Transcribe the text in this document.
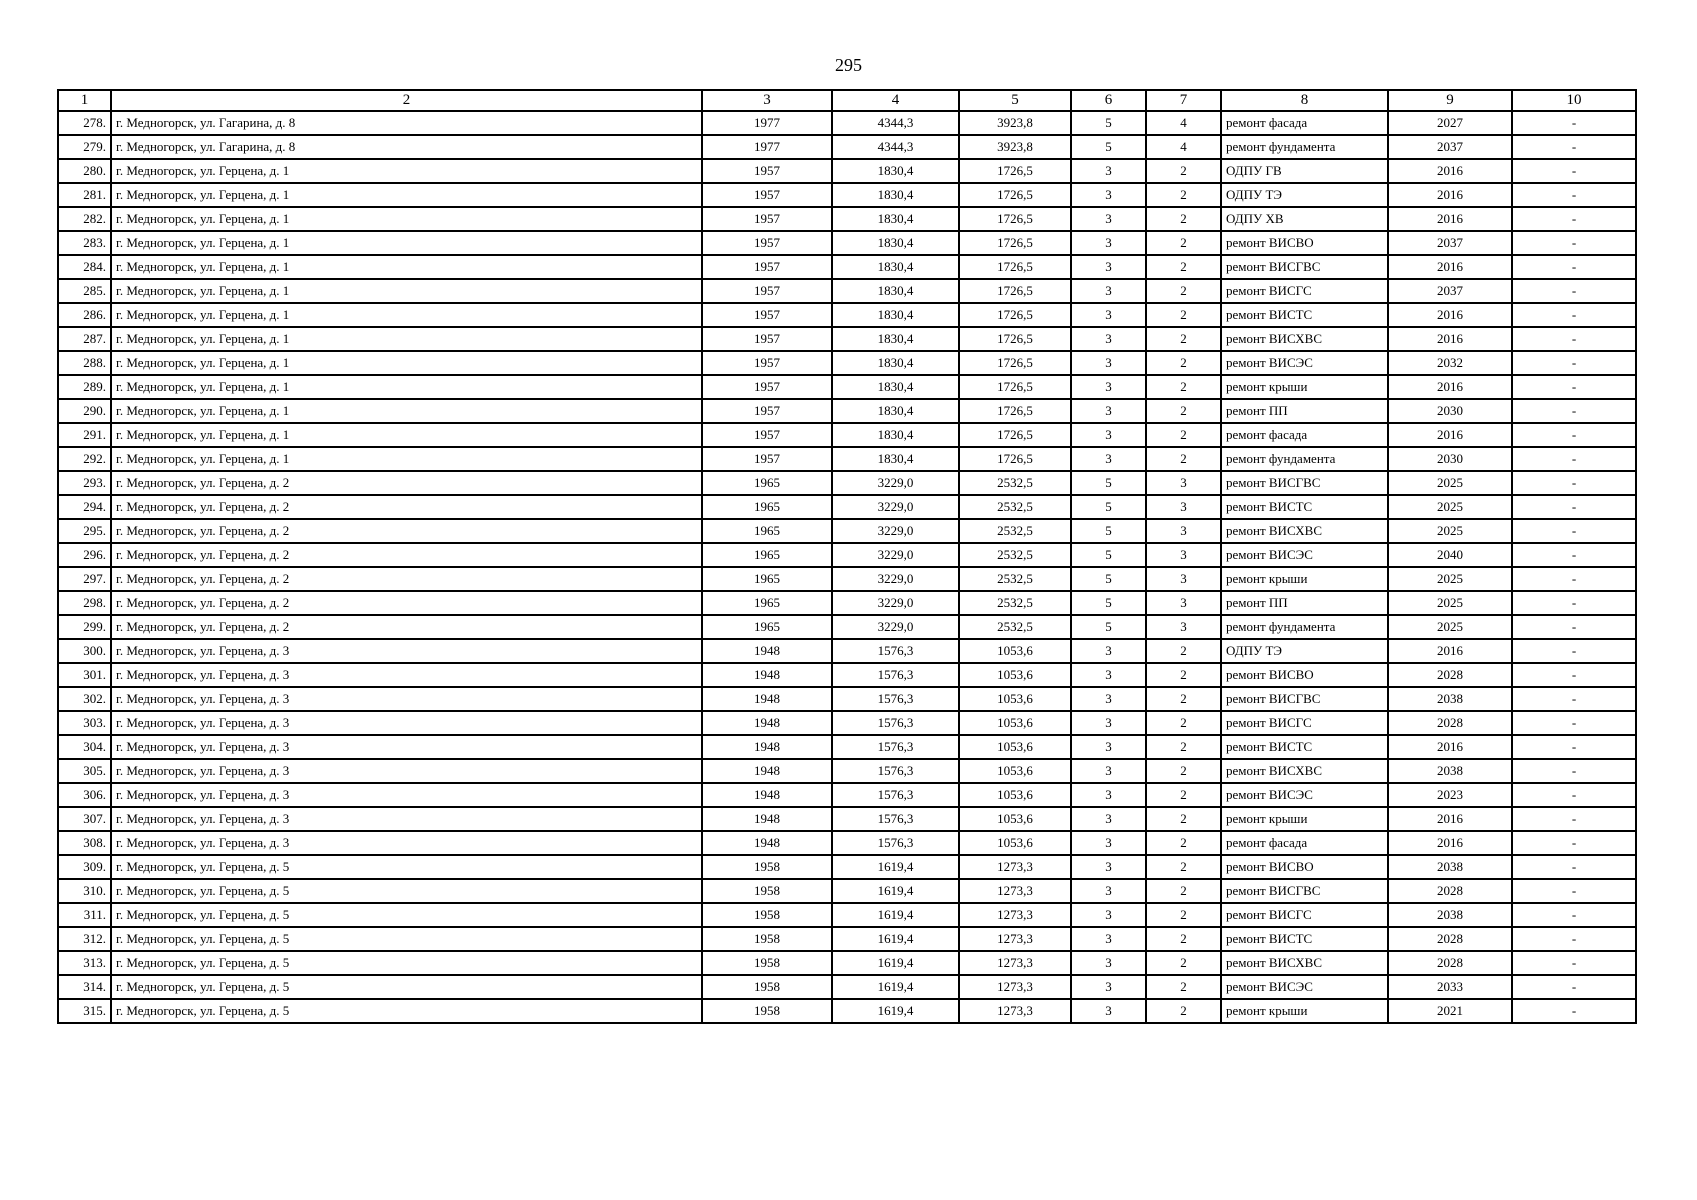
295
1	2	3	4	5	6	7	8	9	10
278.	г. Медногорск, ул. Гагарина, д. 8	1977	4344,3	3923,8	5	4	ремонт фасада	2027	-
279.	г. Медногорск, ул. Гагарина, д. 8	1977	4344,3	3923,8	5	4	ремонт фундамента	2037	-
280.	г. Медногорск, ул. Герцена, д. 1	1957	1830,4	1726,5	3	2	ОДПУ ГВ	2016	-
281.	г. Медногорск, ул. Герцена, д. 1	1957	1830,4	1726,5	3	2	ОДПУ ТЭ	2016	-
282.	г. Медногорск, ул. Герцена, д. 1	1957	1830,4	1726,5	3	2	ОДПУ ХВ	2016	-
283.	г. Медногорск, ул. Герцена, д. 1	1957	1830,4	1726,5	3	2	ремонт ВИСВО	2037	-
284.	г. Медногорск, ул. Герцена, д. 1	1957	1830,4	1726,5	3	2	ремонт ВИСГВС	2016	-
285.	г. Медногорск, ул. Герцена, д. 1	1957	1830,4	1726,5	3	2	ремонт ВИСГС	2037	-
286.	г. Медногорск, ул. Герцена, д. 1	1957	1830,4	1726,5	3	2	ремонт ВИСТС	2016	-
287.	г. Медногорск, ул. Герцена, д. 1	1957	1830,4	1726,5	3	2	ремонт ВИСХВС	2016	-
288.	г. Медногорск, ул. Герцена, д. 1	1957	1830,4	1726,5	3	2	ремонт ВИСЭС	2032	-
289.	г. Медногорск, ул. Герцена, д. 1	1957	1830,4	1726,5	3	2	ремонт крыши	2016	-
290.	г. Медногорск, ул. Герцена, д. 1	1957	1830,4	1726,5	3	2	ремонт ПП	2030	-
291.	г. Медногорск, ул. Герцена, д. 1	1957	1830,4	1726,5	3	2	ремонт фасада	2016	-
292.	г. Медногорск, ул. Герцена, д. 1	1957	1830,4	1726,5	3	2	ремонт фундамента	2030	-
293.	г. Медногорск, ул. Герцена, д. 2	1965	3229,0	2532,5	5	3	ремонт ВИСГВС	2025	-
294.	г. Медногорск, ул. Герцена, д. 2	1965	3229,0	2532,5	5	3	ремонт ВИСТС	2025	-
295.	г. Медногорск, ул. Герцена, д. 2	1965	3229,0	2532,5	5	3	ремонт ВИСХВС	2025	-
296.	г. Медногорск, ул. Герцена, д. 2	1965	3229,0	2532,5	5	3	ремонт ВИСЭС	2040	-
297.	г. Медногорск, ул. Герцена, д. 2	1965	3229,0	2532,5	5	3	ремонт крыши	2025	-
298.	г. Медногорск, ул. Герцена, д. 2	1965	3229,0	2532,5	5	3	ремонт ПП	2025	-
299.	г. Медногорск, ул. Герцена, д. 2	1965	3229,0	2532,5	5	3	ремонт фундамента	2025	-
300.	г. Медногорск, ул. Герцена, д. 3	1948	1576,3	1053,6	3	2	ОДПУ ТЭ	2016	-
301.	г. Медногорск, ул. Герцена, д. 3	1948	1576,3	1053,6	3	2	ремонт ВИСВО	2028	-
302.	г. Медногорск, ул. Герцена, д. 3	1948	1576,3	1053,6	3	2	ремонт ВИСГВС	2038	-
303.	г. Медногорск, ул. Герцена, д. 3	1948	1576,3	1053,6	3	2	ремонт ВИСГС	2028	-
304.	г. Медногорск, ул. Герцена, д. 3	1948	1576,3	1053,6	3	2	ремонт ВИСТС	2016	-
305.	г. Медногорск, ул. Герцена, д. 3	1948	1576,3	1053,6	3	2	ремонт ВИСХВС	2038	-
306.	г. Медногорск, ул. Герцена, д. 3	1948	1576,3	1053,6	3	2	ремонт ВИСЭС	2023	-
307.	г. Медногорск, ул. Герцена, д. 3	1948	1576,3	1053,6	3	2	ремонт крыши	2016	-
308.	г. Медногорск, ул. Герцена, д. 3	1948	1576,3	1053,6	3	2	ремонт фасада	2016	-
309.	г. Медногорск, ул. Герцена, д. 5	1958	1619,4	1273,3	3	2	ремонт ВИСВО	2038	-
310.	г. Медногорск, ул. Герцена, д. 5	1958	1619,4	1273,3	3	2	ремонт ВИСГВС	2028	-
311.	г. Медногорск, ул. Герцена, д. 5	1958	1619,4	1273,3	3	2	ремонт ВИСГС	2038	-
312.	г. Медногорск, ул. Герцена, д. 5	1958	1619,4	1273,3	3	2	ремонт ВИСТС	2028	-
313.	г. Медногорск, ул. Герцена, д. 5	1958	1619,4	1273,3	3	2	ремонт ВИСХВС	2028	-
314.	г. Медногорск, ул. Герцена, д. 5	1958	1619,4	1273,3	3	2	ремонт ВИСЭС	2033	-
315.	г. Медногорск, ул. Герцена, д. 5	1958	1619,4	1273,3	3	2	ремонт крыши	2021	-
